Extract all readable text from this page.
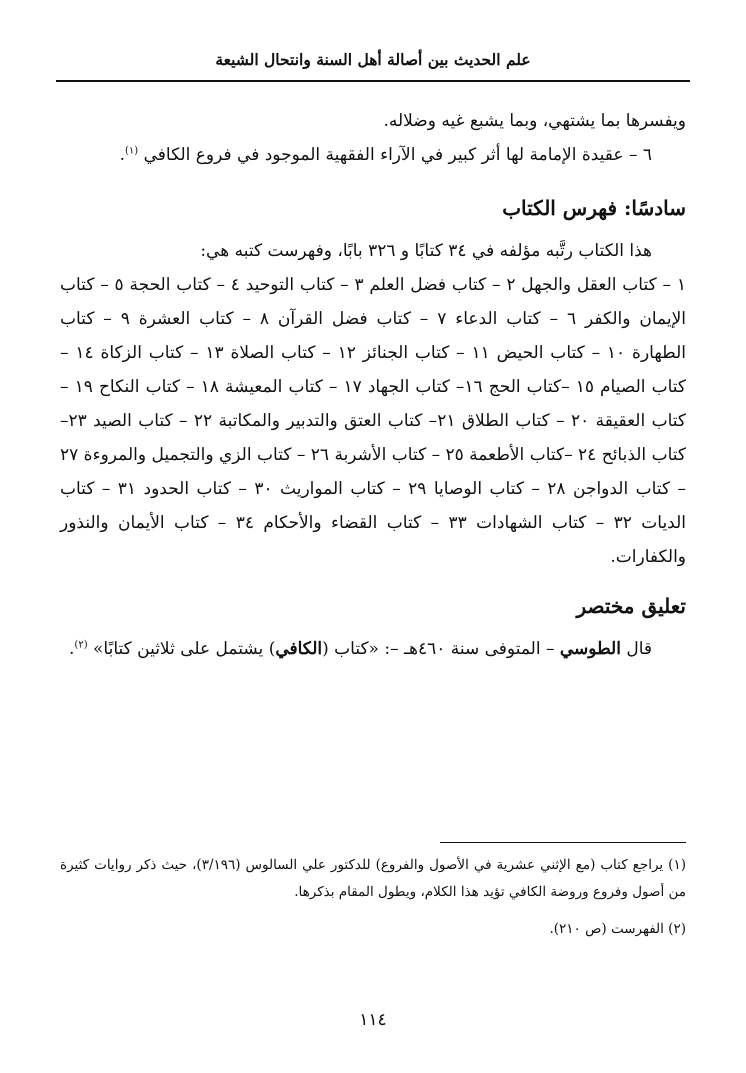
علم الحديث بين أصالة أهل السنة وانتحال الشيعة

ويفسرها بما يشتهي، وبما يشبع غيه وضلاله.

٦ – عقيدة الإمامة لها أثر كبير في الآراء الفقهية الموجود في فروع الكافي $^{(١)}$.

سادسًا: فهرس الكتاب

هذا الكتاب رتَّبه مؤلفه في ٣٤ كتابًا و ٣٢٦ بابًا، وفهرست كتبه هي:

١ – كتاب العقل والجهل ٢ – كتاب فضل العلم ٣ – كتاب التوحيد ٤ – كتاب الحجة ٥ – كتاب الإيمان والكفر ٦ – كتاب الدعاء ٧ – كتاب فضل القرآن ٨ – كتاب العشرة ٩ – كتاب الطهارة ١٠ – كتاب الحيض ١١ – كتاب الجنائز ١٢ – كتاب الصلاة ١٣ – كتاب الزكاة ١٤ – كتاب الصيام ١٥ –كتاب الحج ١٦– كتاب الجهاد ١٧ – كتاب المعيشة ١٨ – كتاب النكاح ١٩ – كتاب العقيقة ٢٠ – كتاب الطلاق ٢١– كتاب العتق والتدبير والمكاتبة ٢٢ – كتاب الصيد ٢٣– كتاب الذبائح ٢٤ –كتاب الأطعمة ٢٥ – كتاب الأشربة ٢٦ – كتاب الزي والتجميل والمروءة ٢٧ – كتاب الدواجن ٢٨ – كتاب الوصايا ٢٩ – كتاب المواريث ٣٠ – كتاب الحدود ٣١ – كتاب الديات ٣٢ – كتاب الشهادات ٣٣ – كتاب القضاء والأحكام ٣٤ – كتاب الأيمان والنذور والكفارات.

تعليق مختصر

قال الطوسي – المتوفى سنة ٤٦٠هـ –: «كتاب (الكافي) يشتمل على ثلاثين كتابًا» $^{(٢)}$.

(١) يراجع كتاب (مع الإثني عشرية في الأصول والفروع) للدكتور علي السالوس (٣/١٩٦)، حيث ذكر روايات كثيرة من أصول وفروع وروضة الكافي تؤيد هذا الكلام، ويطول المقام بذكرها.

(٢) الفهرست (ص ٢١٠).

١١٤
